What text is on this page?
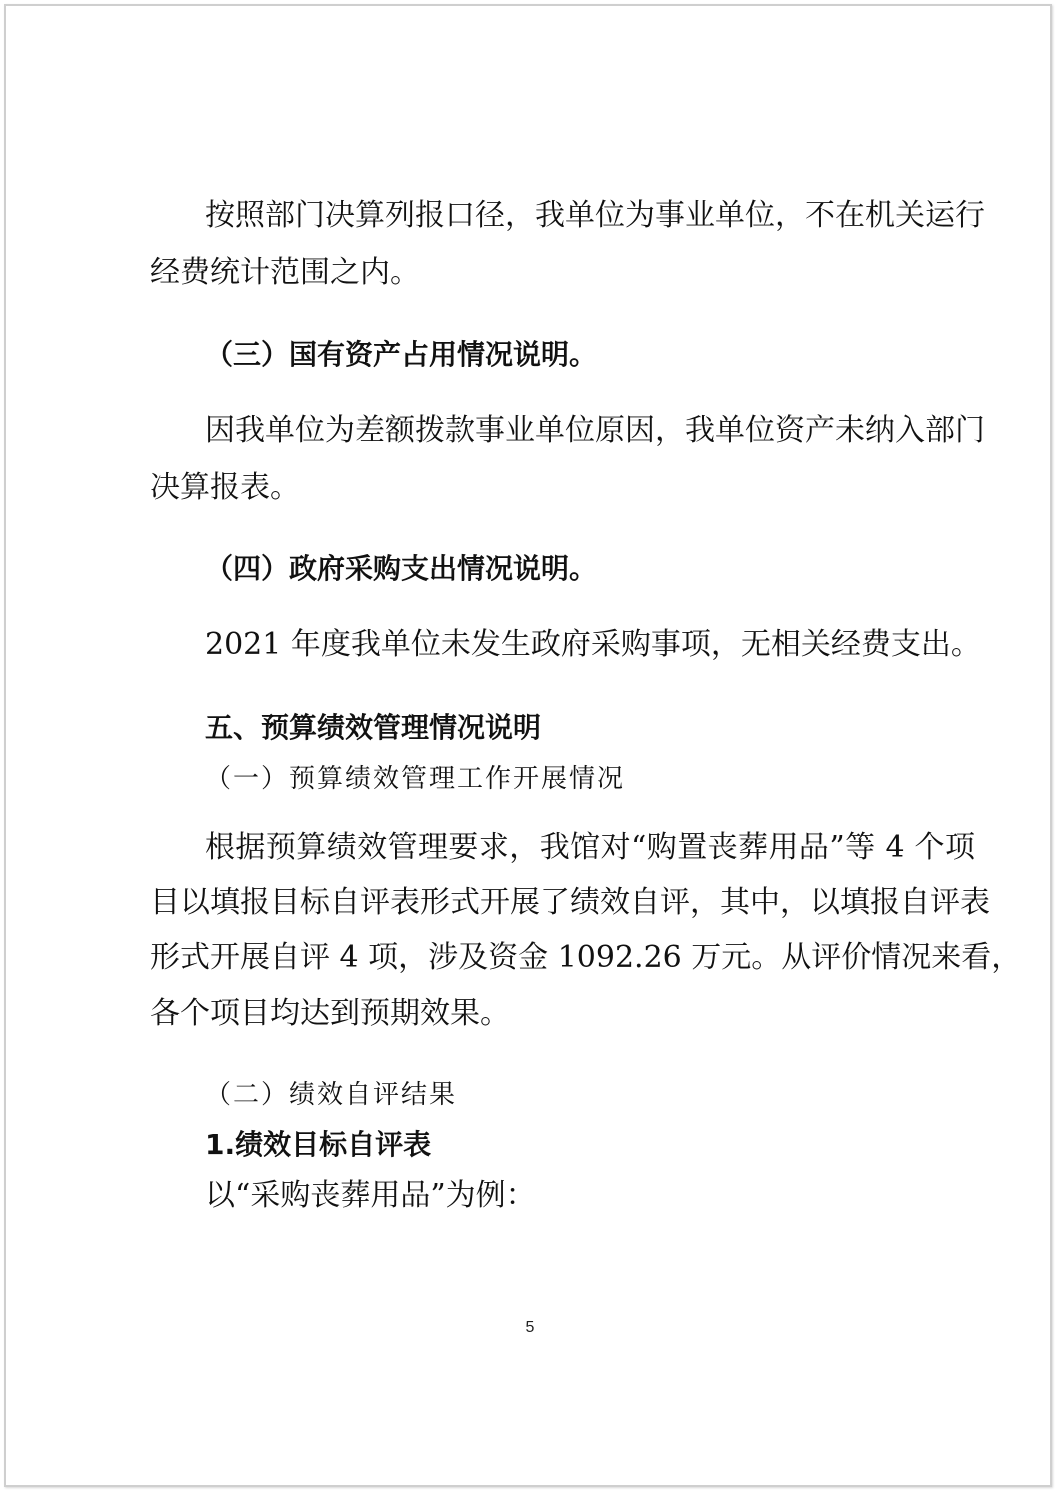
按照部门决算列报口径，我单位为事业单位，不在机关运行
经费统计范围之内。
（三）国有资产占用情况说明。
因我单位为差额拨款事业单位原因，我单位资产未纳入部门
决算报表。
（四）政府采购支出情况说明。
2021 年度我单位未发生政府采购事项，无相关经费支出。
五、预算绩效管理情况说明
（一）预算绩效管理工作开展情况
根据预算绩效管理要求，我馆对“购置丧葬用品”等 4 个项
目以填报目标自评表形式开展了绩效自评，其中，以填报自评表
形式开展自评 4 项，涉及资金 1092.26 万元。从评价情况来看，
各个项目均达到预期效果。
（二）绩效自评结果
1.绩效目标自评表
以“采购丧葬用品”为例：
5
